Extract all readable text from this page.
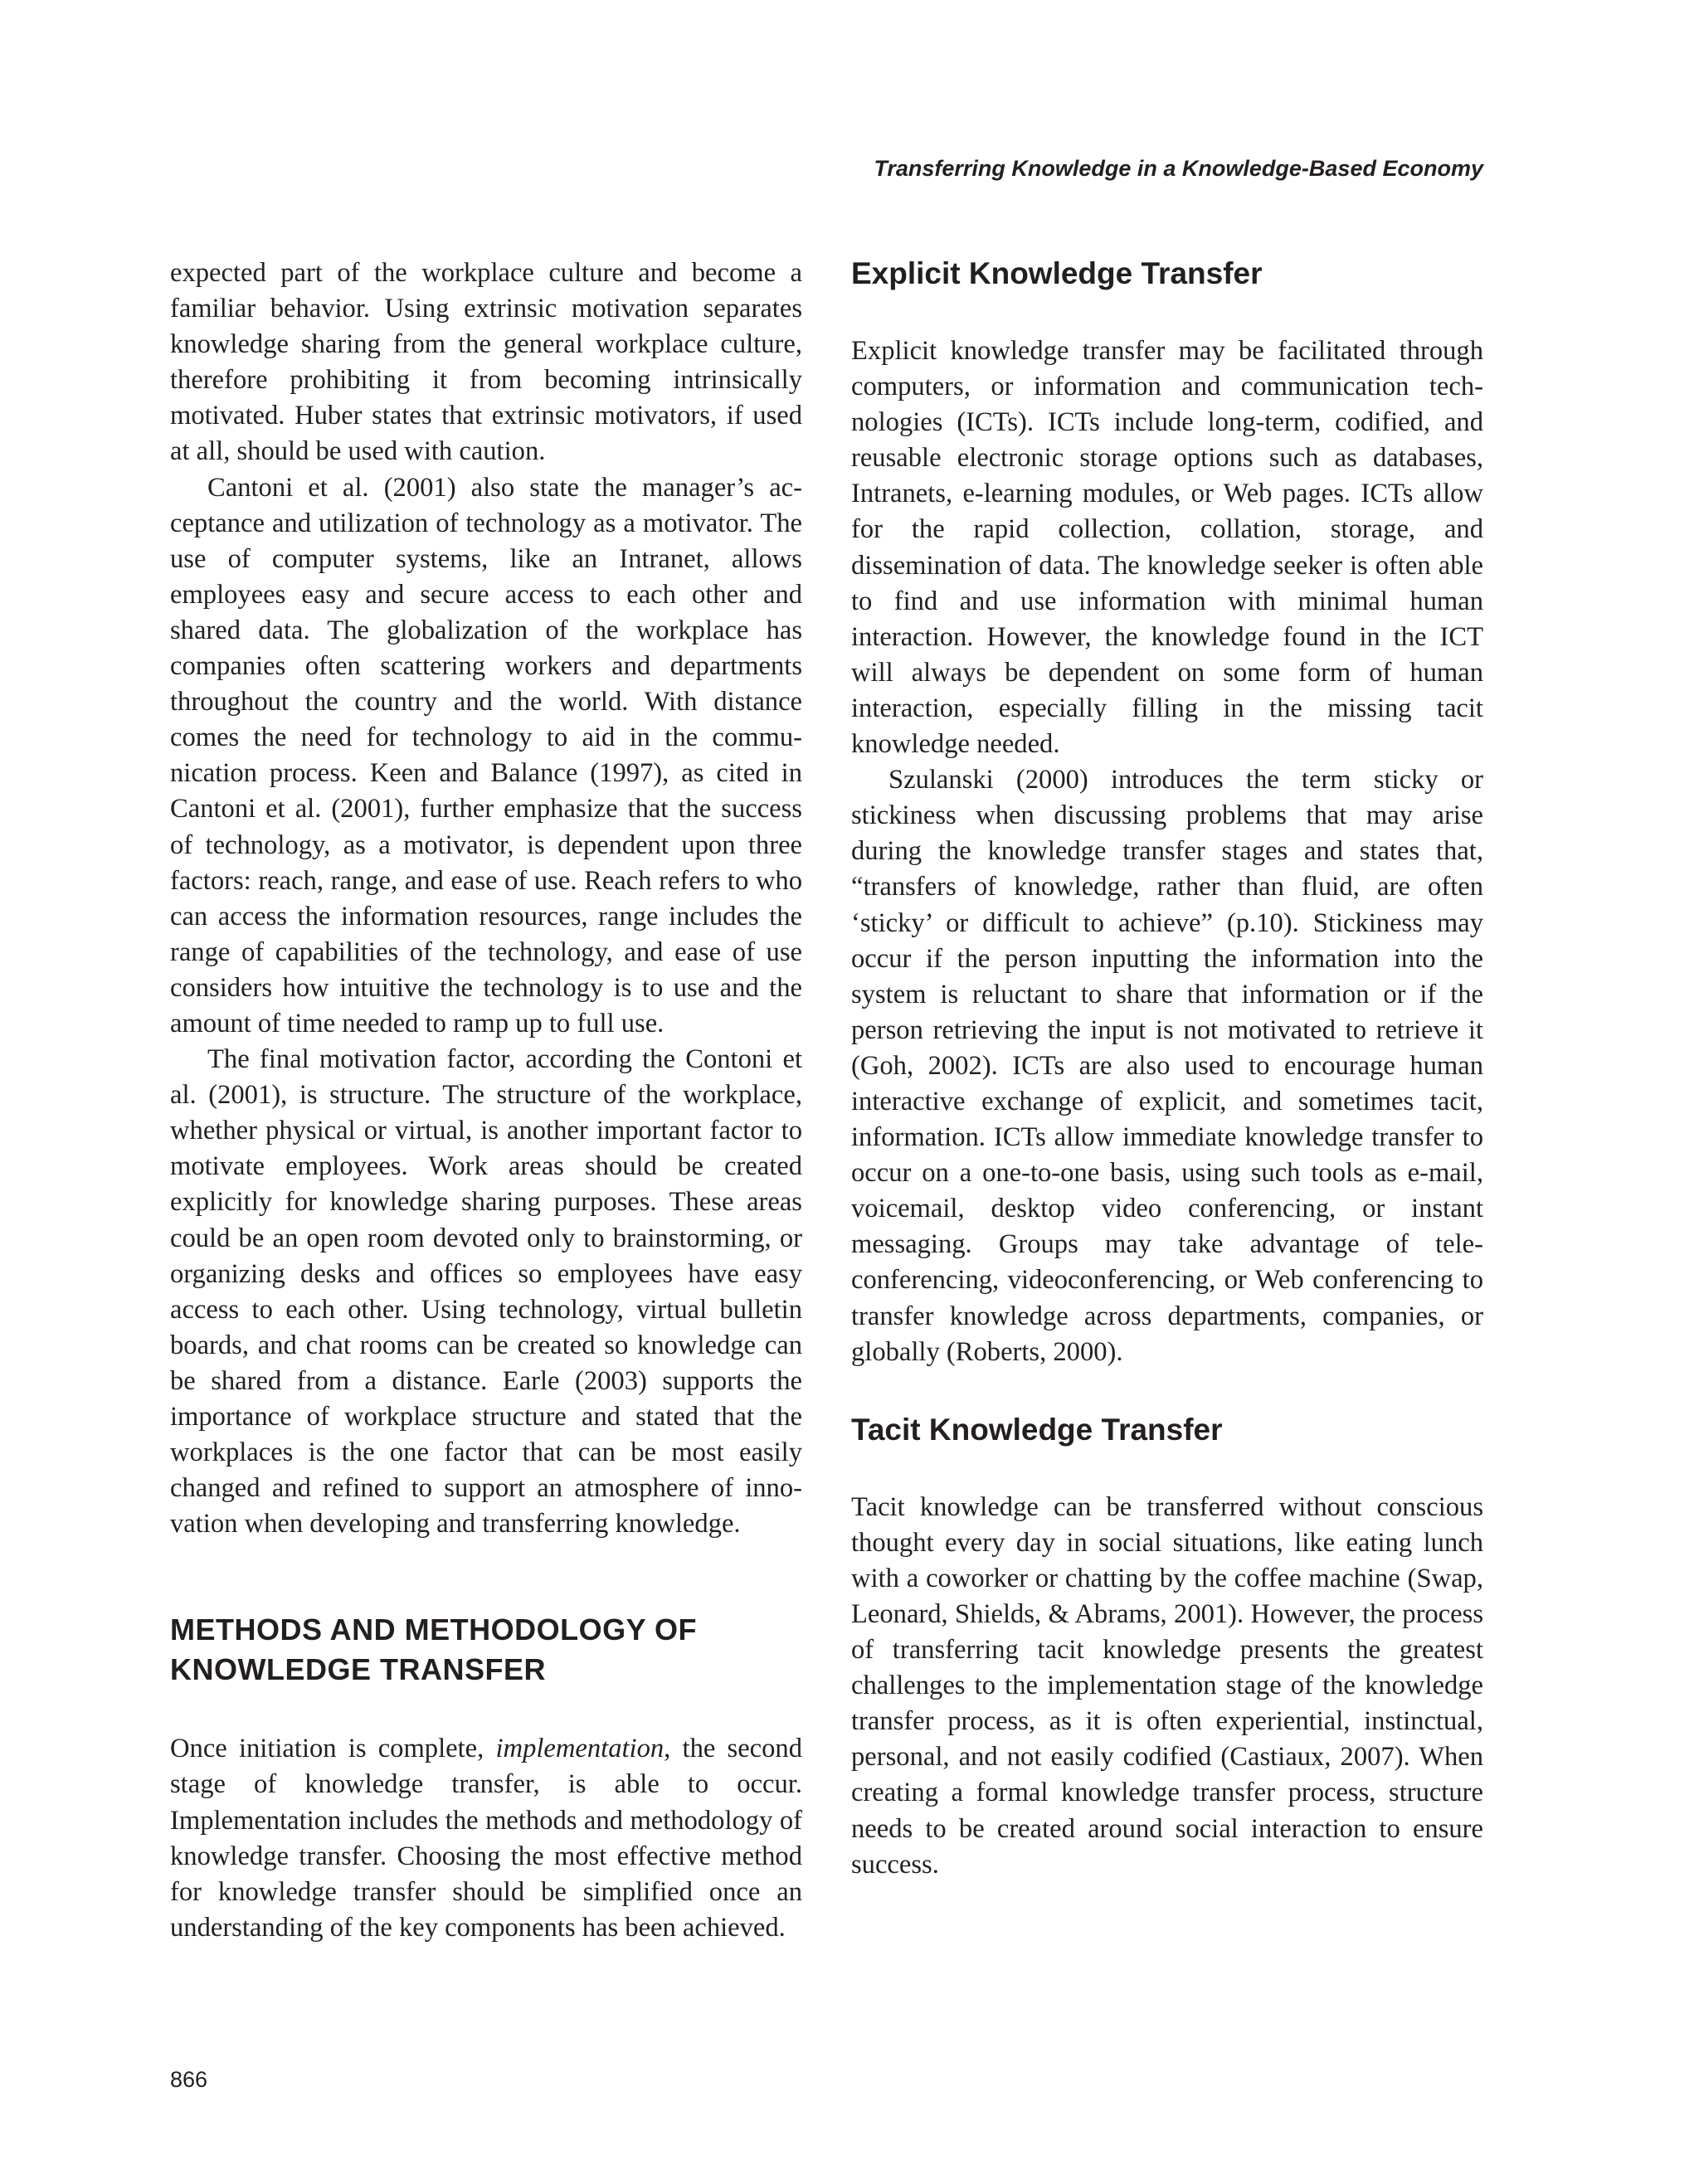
Transferring Knowledge in a Knowledge-Based Economy

expected part of the workplace culture and become a familiar behavior. Using extrinsic motivation separates knowledge sharing from the general workplace culture, therefore prohibiting it from becoming intrinsically motivated. Huber states that extrinsic motivators, if used at all, should be used with caution.

Cantoni et al. (2001) also state the manager’s acceptance and utilization of technology as a motivator. The use of computer systems, like an Intranet, allows employees easy and secure access to each other and shared data. The globalization of the workplace has companies often scattering workers and departments throughout the country and the world. With distance comes the need for technology to aid in the communication process. Keen and Balance (1997), as cited in Cantoni et al. (2001), further emphasize that the success of technology, as a motivator, is dependent upon three factors: reach, range, and ease of use. Reach refers to who can access the information resources, range includes the range of capabilities of the technology, and ease of use considers how intuitive the technology is to use and the amount of time needed to ramp up to full use.

The final motivation factor, according the Contoni et al. (2001), is structure. The structure of the workplace, whether physical or virtual, is another important factor to motivate employees. Work areas should be created explicitly for knowledge sharing purposes. These areas could be an open room devoted only to brainstorming, or organizing desks and offices so employees have easy access to each other. Using technology, virtual bulletin boards, and chat rooms can be created so knowledge can be shared from a distance. Earle (2003) supports the importance of workplace structure and stated that the workplaces is the one factor that can be most easily changed and refined to support an atmosphere of innovation when developing and transferring knowledge.

METHODS AND METHODOLOGY OF
KNOWLEDGE TRANSFER

Once initiation is complete, implementation, the second stage of knowledge transfer, is able to occur. Implementation includes the methods and methodology of knowledge transfer. Choosing the most effective method for knowledge transfer should be simplified once an understanding of the key components has been achieved.

Explicit Knowledge Transfer

Explicit knowledge transfer may be facilitated through computers, or information and communication technologies (ICTs). ICTs include long-term, codified, and reusable electronic storage options such as databases, Intranets, e-learning modules, or Web pages. ICTs allow for the rapid collection, collation, storage, and dissemination of data. The knowledge seeker is often able to find and use information with minimal human interaction. However, the knowledge found in the ICT will always be dependent on some form of human interaction, especially filling in the missing tacit knowledge needed.

Szulanski (2000) introduces the term sticky or stickiness when discussing problems that may arise during the knowledge transfer stages and states that, “transfers of knowledge, rather than fluid, are often ‘sticky’ or difficult to achieve” (p.10). Stickiness may occur if the person inputting the information into the system is reluctant to share that information or if the person retrieving the input is not motivated to retrieve it (Goh, 2002). ICTs are also used to encourage human interactive exchange of explicit, and sometimes tacit, information. ICTs allow immediate knowledge transfer to occur on a one-to-one basis, using such tools as e-mail, voicemail, desktop video conferencing, or instant messaging. Groups may take advantage of teleconferencing, videoconferencing, or Web conferencing to transfer knowledge across departments, companies, or globally (Roberts, 2000).

Tacit Knowledge Transfer

Tacit knowledge can be transferred without conscious thought every day in social situations, like eating lunch with a coworker or chatting by the coffee machine (Swap, Leonard, Shields, & Abrams, 2001). However, the process of transferring tacit knowledge presents the greatest challenges to the implementation stage of the knowledge transfer process, as it is often experiential, instinctual, personal, and not easily codified (Castiaux, 2007). When creating a formal knowledge transfer process, structure needs to be created around social interaction to ensure success.

866
